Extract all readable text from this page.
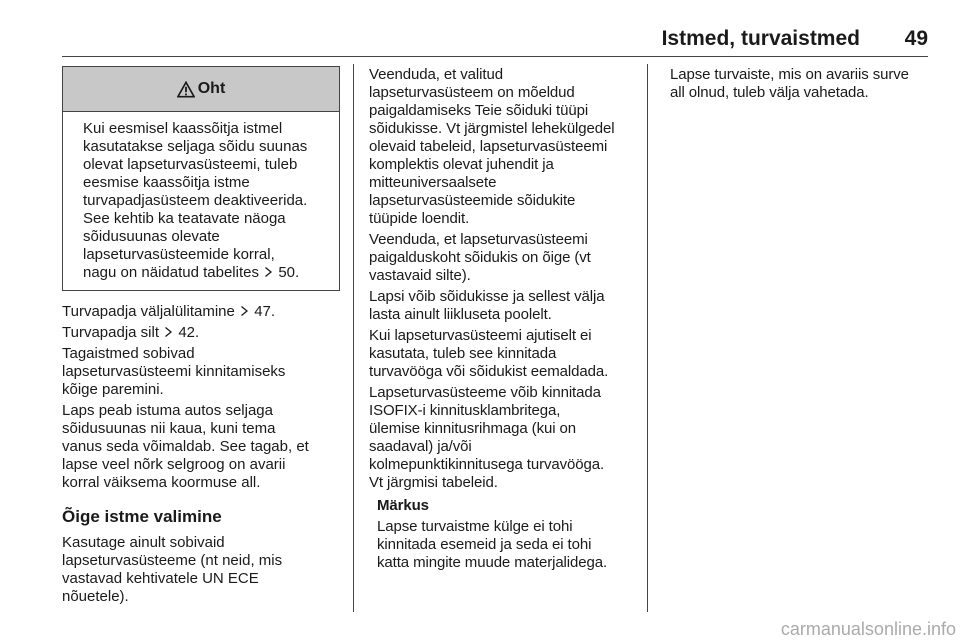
Istmed, turvaistmed	49
Oht
Kui eesmisel kaassõitja istmel
kasutatakse seljaga sõidu suunas
olevat lapseturvasüsteemi, tuleb
eesmise kaassõitja istme
turvapadjasüsteem deaktiveerida.
See kehtib ka teatavate näoga
sõidusuunas olevate
lapseturvasüsteemide korral,
nagu on näidatud tabelites 50.

Turvapadja väljalülitamine 47.

Turvapadja silt 42.

Tagaistmed sobivad
lapseturvasüsteemi kinnitamiseks
kõige paremini.

Laps peab istuma autos seljaga
sõidusuunas nii kaua, kuni tema
vanus seda võimaldab. See tagab, et
lapse veel nõrk selgroog on avarii
korral väiksema koormuse all.

Õige istme valimine

Kasutage ainult sobivaid
lapseturvasüsteeme (nt neid, mis
vastavad kehtivatele UN ECE
nõuetele).

Veenduda, et valitud
lapseturvasüsteem on mõeldud
paigaldamiseks Teie sõiduki tüüpi
sõidukisse. Vt järgmistel lehekülgedel
olevaid tabeleid, lapseturvasüsteemi
komplektis olevat juhendit ja
mitteuniversaalsete
lapseturvasüsteemide sõidukite
tüüpide loendit.

Veenduda, et lapseturvasüsteemi
paigalduskoht sõidukis on õige (vt
vastavaid silte).

Lapsi võib sõidukisse ja sellest välja
lasta ainult liikluseta poolelt.

Kui lapseturvasüsteemi ajutiselt ei
kasutata, tuleb see kinnitada
turvavööga või sõidukist eemaldada.

Lapseturvasüsteeme võib kinnitada
ISOFIX-i kinnitusklambritega,
ülemise kinnitusrihmaga (kui on
saadaval) ja/või
kolmepunktikinnitusega turvavööga.
Vt järgmisi tabeleid.

Märkus

Lapse turvaistme külge ei tohi
kinnitada esemeid ja seda ei tohi
katta mingite muude materjalidega.

Lapse turvaiste, mis on avariis surve
all olnud, tuleb välja vahetada.

carmanualsonline.info
